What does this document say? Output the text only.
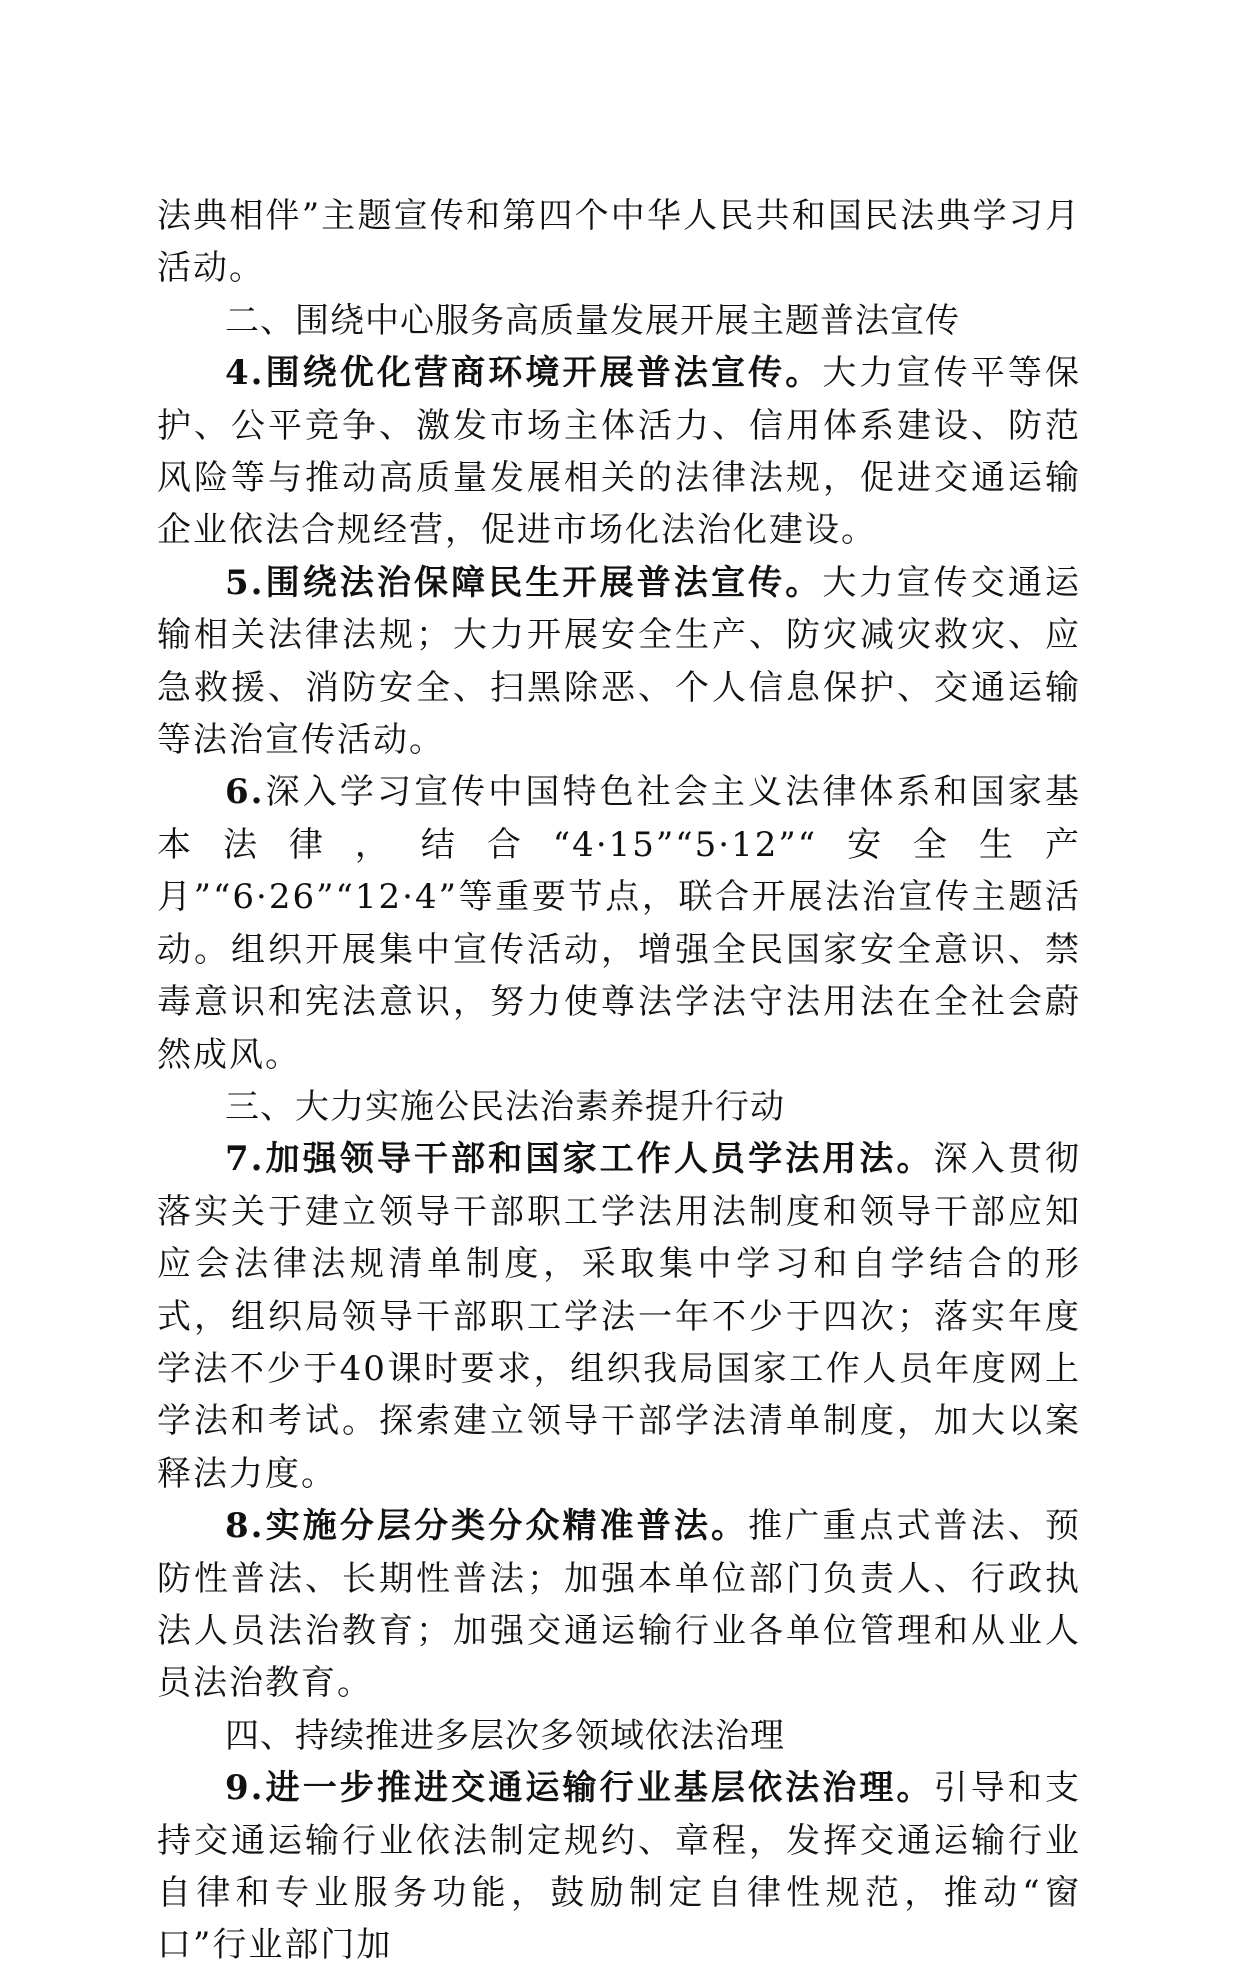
法典相伴”主题宣传和第四个中华人民共和国民法典学习月活动。

二、围绕中心服务高质量发展开展主题普法宣传

4.围绕优化营商环境开展普法宣传。大力宣传平等保护、公平竞争、激发市场主体活力、信用体系建设、防范风险等与推动高质量发展相关的法律法规，促进交通运输企业依法合规经营，促进市场化法治化建设。

5.围绕法治保障民生开展普法宣传。大力宣传交通运输相关法律法规；大力开展安全生产、防灾减灾救灾、应急救援、消防安全、扫黑除恶、个人信息保护、交通运输等法治宣传活动。

6.深入学习宣传中国特色社会主义法律体系和国家基本法律，结合“4·15”“5·12”“安全生产月”“6·26”“12·4”等重要节点，联合开展法治宣传主题活动。组织开展集中宣传活动，增强全民国家安全意识、禁毒意识和宪法意识，努力使尊法学法守法用法在全社会蔚然成风。

三、大力实施公民法治素养提升行动

7.加强领导干部和国家工作人员学法用法。深入贯彻落实关于建立领导干部职工学法用法制度和领导干部应知应会法律法规清单制度，采取集中学习和自学结合的形式，组织局领导干部职工学法一年不少于四次；落实年度学法不少于40课时要求，组织我局国家工作人员年度网上学法和考试。探索建立领导干部学法清单制度，加大以案释法力度。

8.实施分层分类分众精准普法。推广重点式普法、预防性普法、长期性普法；加强本单位部门负责人、行政执法人员法治教育；加强交通运输行业各单位管理和从业人员法治教育。

四、持续推进多层次多领域依法治理

9.进一步推进交通运输行业基层依法治理。引导和支持交通运输行业依法制定规约、章程，发挥交通运输行业自律和专业服务功能，鼓励制定自律性规范，推动“窗口”行业部门加
